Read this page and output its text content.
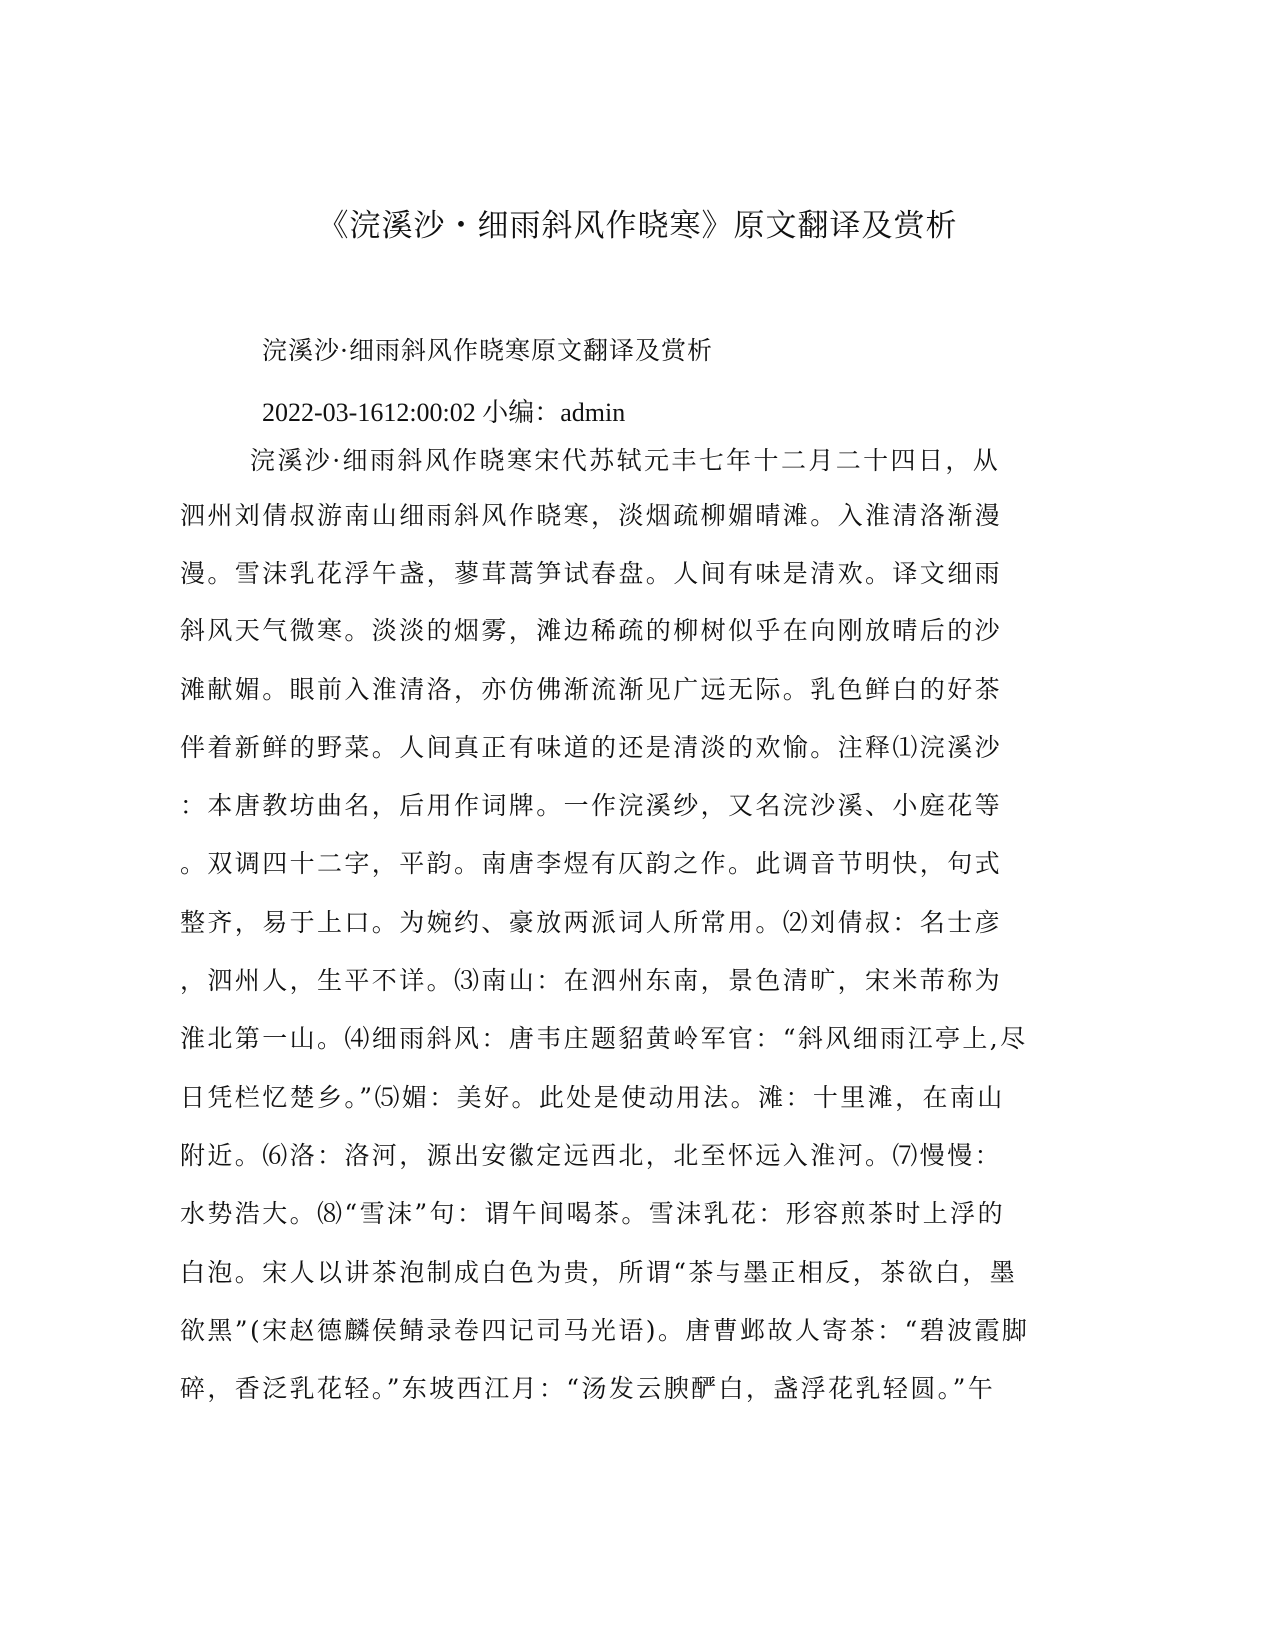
《浣溪沙・细雨斜风作晓寒》原文翻译及赏析
浣溪沙·细雨斜风作晓寒原文翻译及赏析
2022-03-1612:00:02 小编：admin
浣溪沙·细雨斜风作晓寒宋代苏轼元丰七年十二月二十四日，从
泗州刘倩叔游南山细雨斜风作晓寒，淡烟疏柳媚晴滩。入淮清洛渐漫
漫。雪沫乳花浮午盏，蓼茸蒿笋试春盘。人间有味是清欢。译文细雨
斜风天气微寒。淡淡的烟雾，滩边稀疏的柳树似乎在向刚放晴后的沙
滩献媚。眼前入淮清洛，亦仿佛渐流渐见广远无际。乳色鲜白的好茶
伴着新鲜的野菜。人间真正有味道的还是清淡的欢愉。注释⑴浣溪沙
：本唐教坊曲名，后用作词牌。一作浣溪纱，又名浣沙溪、小庭花等
。双调四十二字，平韵。南唐李煜有仄韵之作。此调音节明快，句式
整齐，易于上口。为婉约、豪放两派词人所常用。⑵刘倩叔：名士彦
，泗州人，生平不详。⑶南山：在泗州东南，景色清旷，宋米芾称为
淮北第一山。⑷细雨斜风：唐韦庄题貂黄岭军官：“斜风细雨江亭上,尽
日凭栏忆楚乡。”⑸媚：美好。此处是使动用法。滩：十里滩，在南山
附近。⑹洛：洛河，源出安徽定远西北，北至怀远入淮河。⑺慢慢：
水势浩大。⑻“雪沫”句：谓午间喝茶。雪沫乳花：形容煎茶时上浮的
白泡。宋人以讲茶泡制成白色为贵，所谓“茶与墨正相反，茶欲白，墨
欲黑”(宋赵德麟侯鲭录卷四记司马光语)。唐曹邺故人寄茶：“碧波霞脚
碎，香泛乳花轻。”东坡西江月：“汤发云腴酽白，盏浮花乳轻圆。”午
